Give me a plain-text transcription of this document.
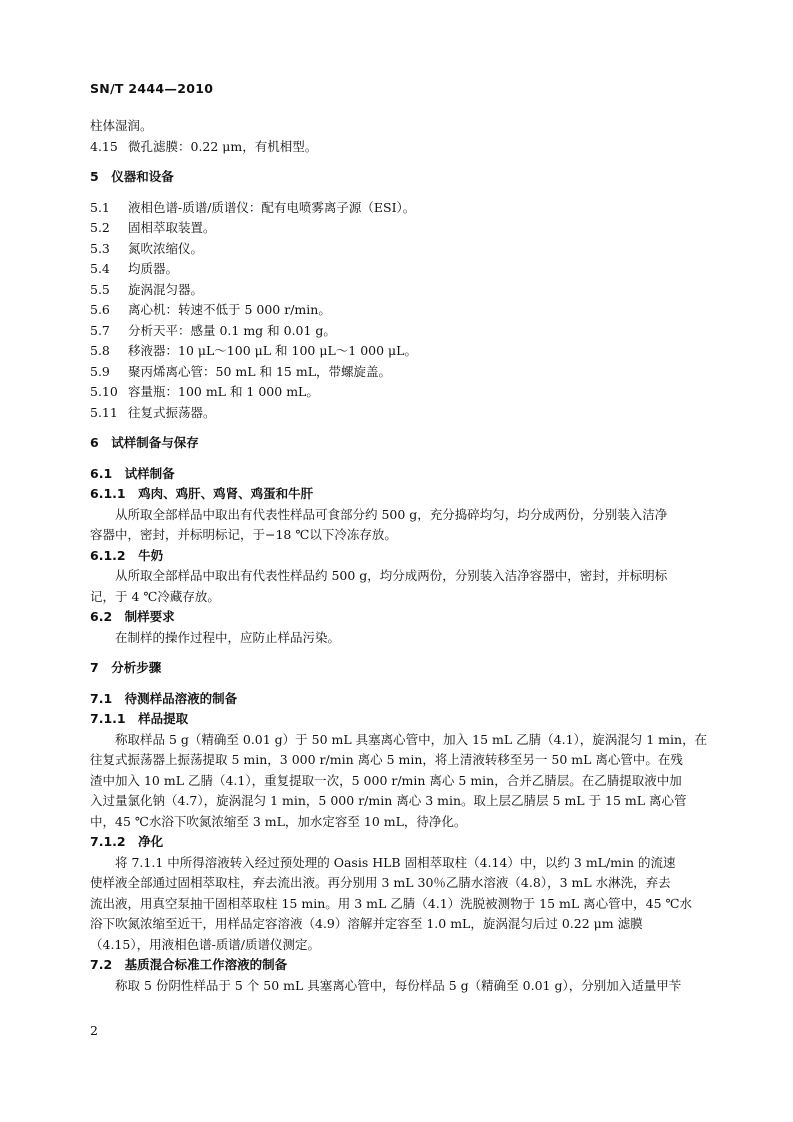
SN/T 2444—2010
柱体湿润。
4.15 微孔滤膜：0.22 μm，有机相型。
5　仪器和设备
5.1 液相色谱-质谱/质谱仪：配有电喷雾离子源（ESI）。
5.2 固相萃取装置。
5.3 氮吹浓缩仪。
5.4 均质器。
5.5 旋涡混匀器。
5.6 离心机：转速不低于 5 000 r/min。
5.7 分析天平：感量 0.1 mg 和 0.01 g。
5.8 移液器：10 μL～100 μL 和 100 μL～1 000 μL。
5.9 聚丙烯离心管：50 mL 和 15 mL，带螺旋盖。
5.10 容量瓶：100 mL 和 1 000 mL。
5.11 往复式振荡器。
6　试样制备与保存
6.1　试样制备
6.1.1　鸡肉、鸡肝、鸡肾、鸡蛋和牛肝
从所取全部样品中取出有代表性样品可食部分约 500 g，充分捣碎均匀，均分成两份，分别装入洁净
容器中，密封，并标明标记，于−18 ℃以下冷冻存放。
6.1.2　牛奶
从所取全部样品中取出有代表性样品约 500 g，均分成两份，分别装入洁净容器中，密封，并标明标
记，于 4 ℃冷藏存放。
6.2　制样要求
在制样的操作过程中，应防止样品污染。
7　分析步骤
7.1　待测样品溶液的制备
7.1.1　样品提取
称取样品 5 g（精确至 0.01 g）于 50 mL 具塞离心管中，加入 15 mL 乙腈（4.1），旋涡混匀 1 min，在
往复式振荡器上振荡提取 5 min，3 000 r/min 离心 5 min，将上清液转移至另一 50 mL 离心管中。在残
渣中加入 10 mL 乙腈（4.1），重复提取一次，5 000 r/min 离心 5 min，合并乙腈层。在乙腈提取液中加
入过量氯化钠（4.7），旋涡混匀 1 min，5 000 r/min 离心 3 min。取上层乙腈层 5 mL 于 15 mL 离心管
中，45 ℃水浴下吹氮浓缩至 3 mL，加水定容至 10 mL，待净化。
7.1.2　净化
将 7.1.1 中所得溶液转入经过预处理的 Oasis HLB 固相萃取柱（4.14）中，以约 3 mL/min 的流速
使样液全部通过固相萃取柱，弃去流出液。再分别用 3 mL 30％乙腈水溶液（4.8），3 mL 水淋洗，弃去
流出液，用真空泵抽干固相萃取柱 15 min。用 3 mL 乙腈（4.1）洗脱被测物于 15 mL 离心管中，45 ℃水
浴下吹氮浓缩至近干，用样品定容溶液（4.9）溶解并定容至 1.0 mL，旋涡混匀后过 0.22 μm 滤膜
（4.15），用液相色谱-质谱/质谱仪测定。
7.2　基质混合标准工作溶液的制备
称取 5 份阴性样品于 5 个 50 mL 具塞离心管中，每份样品 5 g（精确至 0.01 g），分别加入适量甲苄
2
